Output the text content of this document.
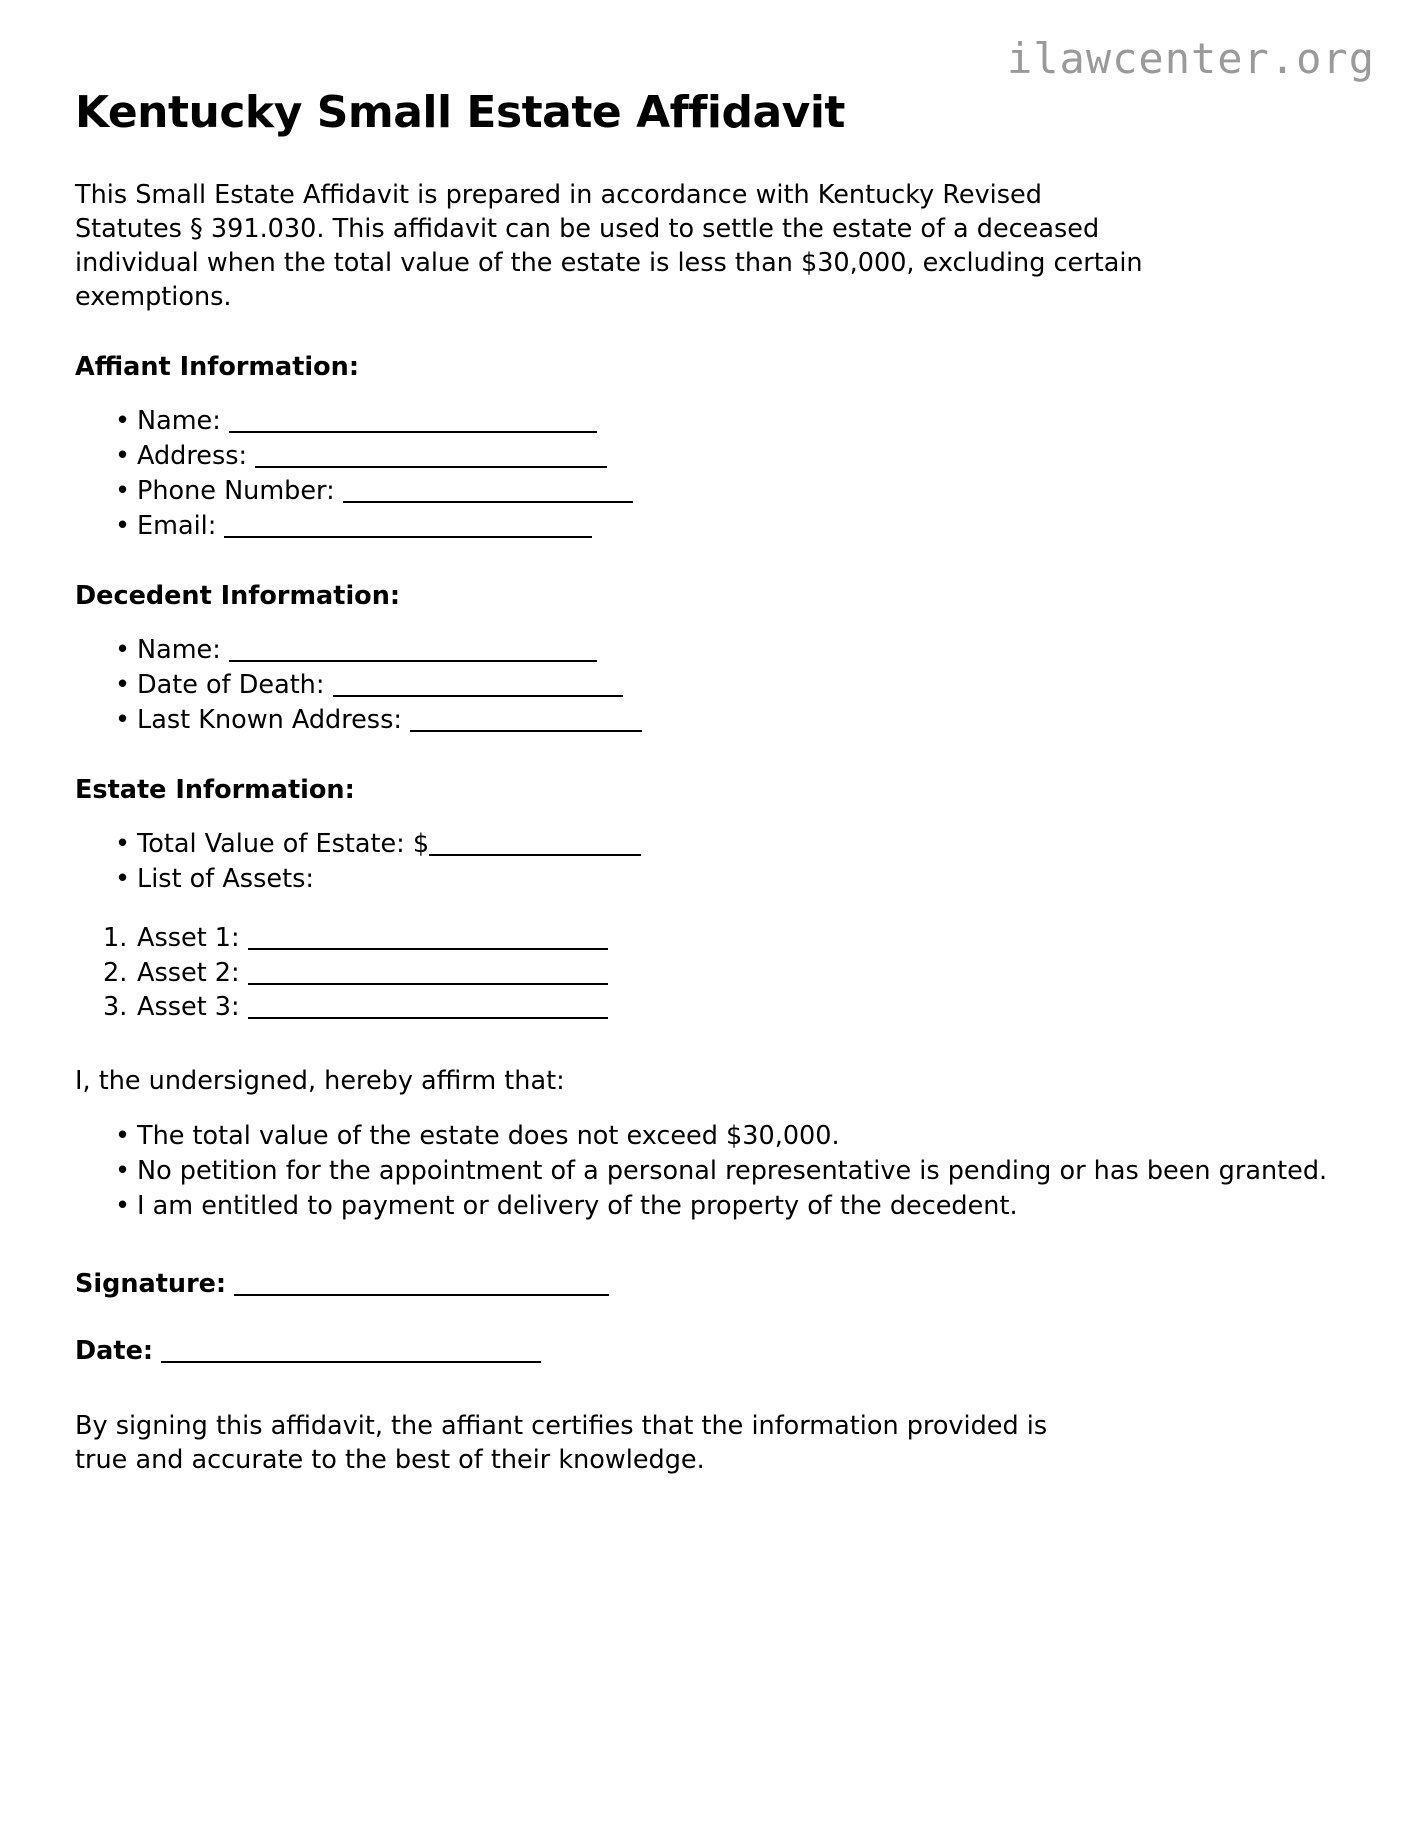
ilawcenter.org
Kentucky Small Estate Affidavit

This Small Estate Affidavit is prepared in accordance with Kentucky Revised Statutes § 391.030. This affidavit can be used to settle the estate of a deceased individual when the total value of the estate is less than $30,000, excluding certain exemptions.

Affiant Information:
• Name:
• Address:
• Phone Number:
• Email:
Decedent Information:
• Name:
• Date of Death:
• Last Known Address:
Estate Information:
• Total Value of Estate: $
• List of Assets:
1. Asset 1:
2. Asset 2:
3. Asset 3:

I, the undersigned, hereby affirm that:

• The total value of the estate does not exceed $30,000.
• No petition for the appointment of a personal representative is pending or has been granted.
• I am entitled to payment or delivery of the property of the decedent.
Signature:
Date:

By signing this affidavit, the affiant certifies that the information provided is true and accurate to the best of their knowledge.
